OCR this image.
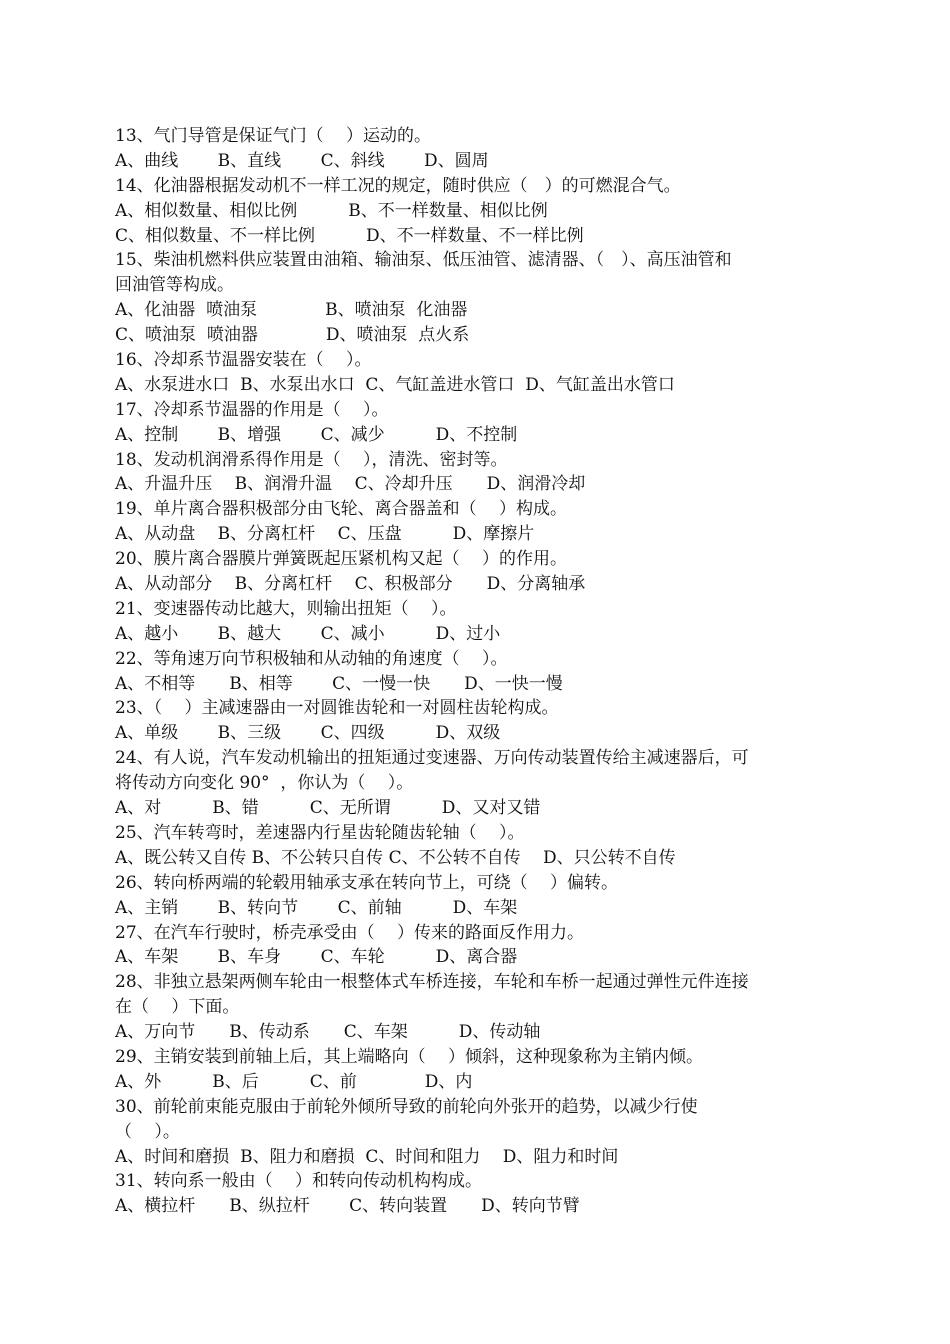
13、气门导管是保证气门（　 ）运动的。
A、曲线　　 B、直线　　 C、斜线　　 D、圆周
14、化油器根据发动机不一样工况的规定，随时供应（　）的可燃混合气。
A、相似数量、相似比例　　　B、不一样数量、相似比例
C、相似数量、不一样比例　　　D、不一样数量、不一样比例
15、柴油机燃料供应装置由油箱、输油泵、低压油管、滤清器、（　）、高压油管和
回油管等构成。
A、化油器  喷油泵　　　　B、喷油泵  化油器
C、喷油泵  喷油器　　　　D、喷油泵  点火系
16、冷却系节温器安装在（　 ）。
A、水泵进水口  B、水泵出水口  C、气缸盖进水管口  D、气缸盖出水管口
17、冷却系节温器的作用是（　 ）。
A、控制　　 B、增强　　 C、减少　　　D、不控制
18、发动机润滑系得作用是（　 ），清洗、密封等。
A、升温升压　 B、润滑升温　 C、冷却升压　　D、润滑冷却
19、单片离合器积极部分由飞轮、离合器盖和（　 ）构成。
A、从动盘　 B、分离杠杆　 C、压盘　　　D、摩擦片
20、膜片离合器膜片弹簧既起压紧机构又起（　 ）的作用。
A、从动部分　 B、分离杠杆　 C、积极部分　　D、分离轴承
21、变速器传动比越大，则输出扭矩（　 ）。
A、越小　　 B、越大　　 C、减小　　　D、过小
22、等角速万向节积极轴和从动轴的角速度（　 ）。
A、不相等　　B、相等　　 C、一慢一快　　D、一快一慢
23、（　 ）主减速器由一对圆锥齿轮和一对圆柱齿轮构成。
A、单级　　 B、三级　　 C、四级　　　D、双级
24、有人说，汽车发动机输出的扭矩通过变速器、万向传动装置传给主减速器后，可
将传动方向变化 90°  ，你认为（　 ）。
A、对　　　B、错　　　C、无所谓　　　D、又对又错
25、汽车转弯时，差速器内行星齿轮随齿轮轴（　 ）。
A、既公转又自传 B、不公转只自传 C、不公转不自传　 D、只公转不自传
26、转向桥两端的轮毂用轴承支承在转向节上，可绕（　 ）偏转。
A、主销　　 B、转向节　　 C、前轴　　　D、车架
27、在汽车行驶时，桥壳承受由（　 ）传来的路面反作用力。
A、车架　　 B、车身　　 C、车轮　　　D、离合器
28、非独立悬架两侧车轮由一根整体式车桥连接，车轮和车桥一起通过弹性元件连接
在（　 ）下面。
A、万向节　　B、传动系　　C、车架　　　D、传动轴
29、主销安装到前轴上后，其上端略向（　 ）倾斜，这种现象称为主销内倾。
A、外　　　B、后　　　C、前　　　　D、内
30、前轮前束能克服由于前轮外倾所导致的前轮向外张开的趋势，以减少行使
（　 ）。
A、时间和磨损  B、阻力和磨损  C、时间和阻力　 D、阻力和时间
31、转向系一般由（　 ）和转向传动机构构成。
A、横拉杆　　B、纵拉杆　　 C、转向装置　　D、转向节臂
